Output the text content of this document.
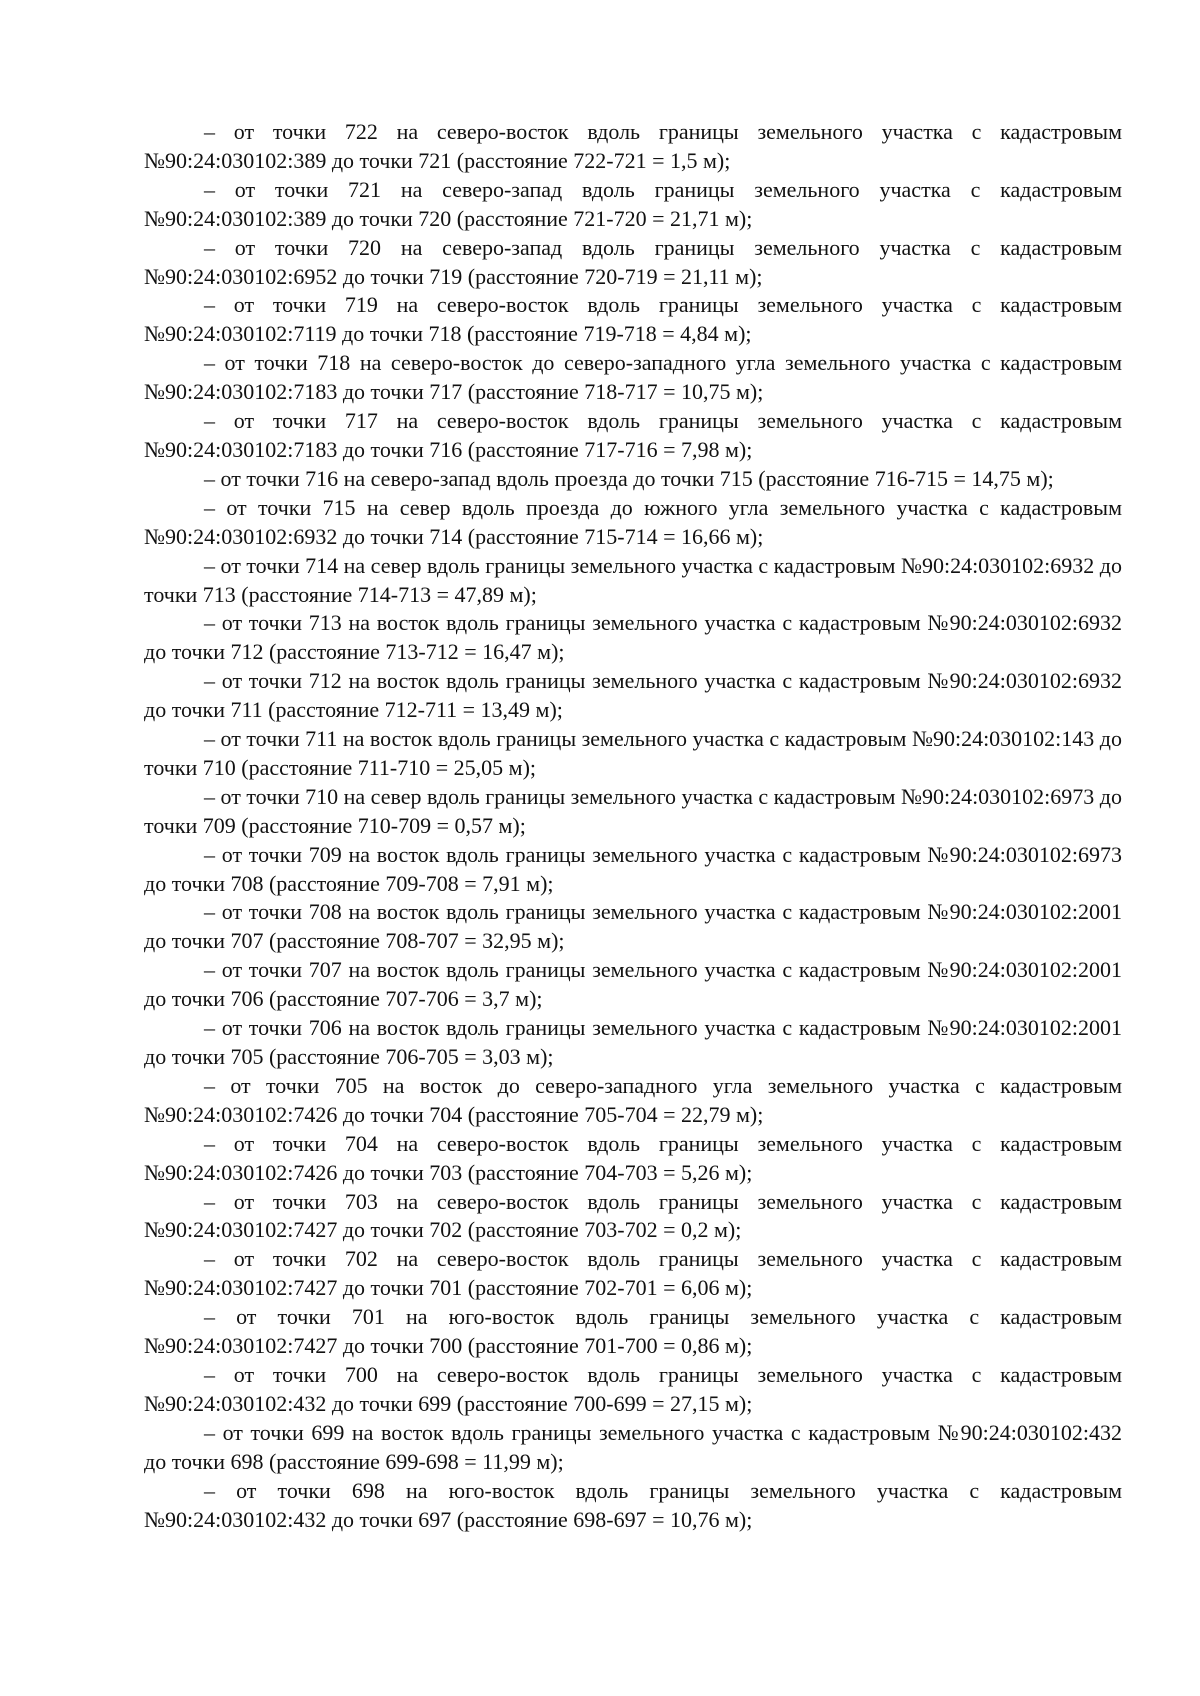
– от точки 722 на северо-восток вдоль границы земельного участка с кадастровым №90:24:030102:389 до точки 721 (расстояние 722-721 = 1,5 м);

– от точки 721 на северо-запад вдоль границы земельного участка с кадастровым №90:24:030102:389 до точки 720 (расстояние 721-720 = 21,71 м);

– от точки 720 на северо-запад вдоль границы земельного участка с кадастровым №90:24:030102:6952 до точки 719 (расстояние 720-719 = 21,11 м);

– от точки 719 на северо-восток вдоль границы земельного участка с кадастровым №90:24:030102:7119 до точки 718 (расстояние 719-718 = 4,84 м);

– от точки 718 на северо-восток до северо-западного угла земельного участка с кадастровым №90:24:030102:7183 до точки 717 (расстояние 718-717 = 10,75 м);

– от точки 717 на северо-восток вдоль границы земельного участка с кадастровым №90:24:030102:7183 до точки 716 (расстояние 717-716 = 7,98 м);

– от точки 716 на северо-запад вдоль проезда до точки 715 (расстояние 716-715 = 14,75 м);

– от точки 715 на север вдоль проезда до южного угла земельного участка с кадастровым №90:24:030102:6932 до точки 714 (расстояние 715-714 = 16,66 м);

– от точки 714 на север вдоль границы земельного участка с кадастровым №90:24:030102:6932 до точки 713 (расстояние 714-713 = 47,89 м);

– от точки 713 на восток вдоль границы земельного участка с кадастровым №90:24:030102:6932 до точки 712 (расстояние 713-712 = 16,47 м);

– от точки 712 на восток вдоль границы земельного участка с кадастровым №90:24:030102:6932 до точки 711 (расстояние 712-711 = 13,49 м);

– от точки 711 на восток вдоль границы земельного участка с кадастровым №90:24:030102:143 до точки 710 (расстояние 711-710 = 25,05 м);

– от точки 710 на север вдоль границы земельного участка с кадастровым №90:24:030102:6973 до точки 709 (расстояние 710-709 = 0,57 м);

– от точки 709 на восток вдоль границы земельного участка с кадастровым №90:24:030102:6973 до точки 708 (расстояние 709-708 = 7,91 м);

– от точки 708 на восток вдоль границы земельного участка с кадастровым №90:24:030102:2001 до точки 707 (расстояние 708-707 = 32,95 м);

– от точки 707 на восток вдоль границы земельного участка с кадастровым №90:24:030102:2001 до точки 706 (расстояние 707-706 = 3,7 м);

– от точки 706 на восток вдоль границы земельного участка с кадастровым №90:24:030102:2001 до точки 705 (расстояние 706-705 = 3,03 м);

– от точки 705 на восток до северо-западного угла земельного участка с кадастровым №90:24:030102:7426 до точки 704 (расстояние 705-704 = 22,79 м);

– от точки 704 на северо-восток вдоль границы земельного участка с кадастровым №90:24:030102:7426 до точки 703 (расстояние 704-703 = 5,26 м);

– от точки 703 на северо-восток вдоль границы земельного участка с кадастровым №90:24:030102:7427 до точки 702 (расстояние 703-702 = 0,2 м);

– от точки 702 на северо-восток вдоль границы земельного участка с кадастровым №90:24:030102:7427 до точки 701 (расстояние 702-701 = 6,06 м);

– от точки 701 на юго-восток вдоль границы земельного участка с кадастровым №90:24:030102:7427 до точки 700 (расстояние 701-700 = 0,86 м);

– от точки 700 на северо-восток вдоль границы земельного участка с кадастровым №90:24:030102:432 до точки 699 (расстояние 700-699 = 27,15 м);

– от точки 699 на восток вдоль границы земельного участка с кадастровым №90:24:030102:432 до точки 698 (расстояние 699-698 = 11,99 м);

– от точки 698 на юго-восток вдоль границы земельного участка с кадастровым №90:24:030102:432 до точки 697 (расстояние 698-697 = 10,76 м);
